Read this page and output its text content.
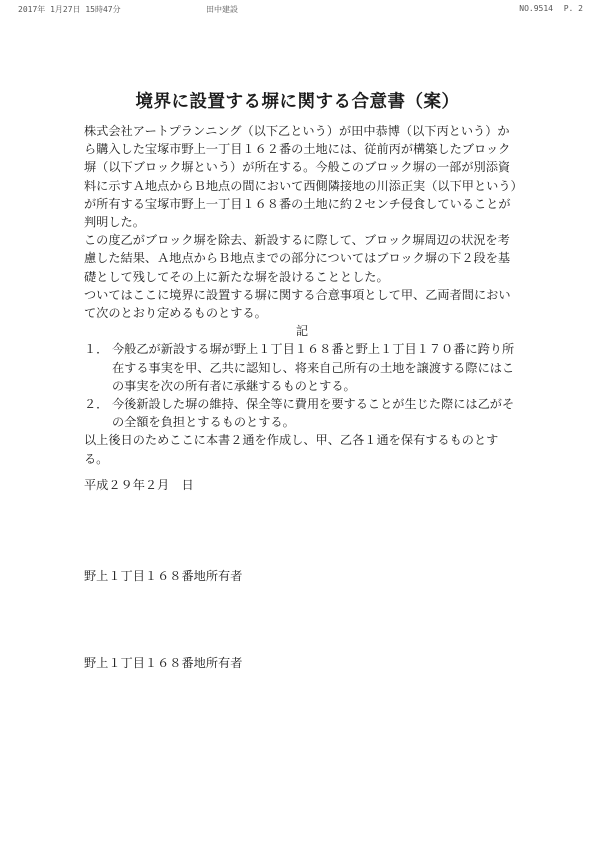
2017年 1月27日 15時47分	田中建設	NO.9514 P. 2
境界に設置する塀に関する合意書（案）

株式会社アートプランニング（以下乙という）が田中恭博（以下丙という）から購入した宝塚市野上一丁目１６２番の土地には、従前丙が構築したブロック塀（以下ブロック塀という）が所在する。今般このブロック塀の一部が別添資料に示すＡ地点からＢ地点の間において西側隣接地の川添正実（以下甲という）が所有する宝塚市野上一丁目１６８番の土地に約２センチ侵食していることが判明した。

この度乙がブロック塀を除去、新設するに際して、ブロック塀周辺の状況を考慮した結果、Ａ地点からＢ地点までの部分についてはブロック塀の下２段を基礎として残してその上に新たな塀を設けることとした。

ついてはここに境界に設置する塀に関する合意事項として甲、乙両者間において次のとおり定めるものとする。

記

１． 今般乙が新設する塀が野上１丁目１６８番と野上１丁目１７０番に跨り所在する事実を甲、乙共に認知し、将来自己所有の土地を譲渡する際にはこの事実を次の所有者に承継するものとする。
２． 今後新設した塀の維持、保全等に費用を要することが生じた際には乙がその全額を負担とするものとする。

以上後日のためここに本書２通を作成し、甲、乙各１通を保有するものとする。

平成２９年２月　日
野上１丁目１６８番地所有者
野上１丁目１６８番地所有者
